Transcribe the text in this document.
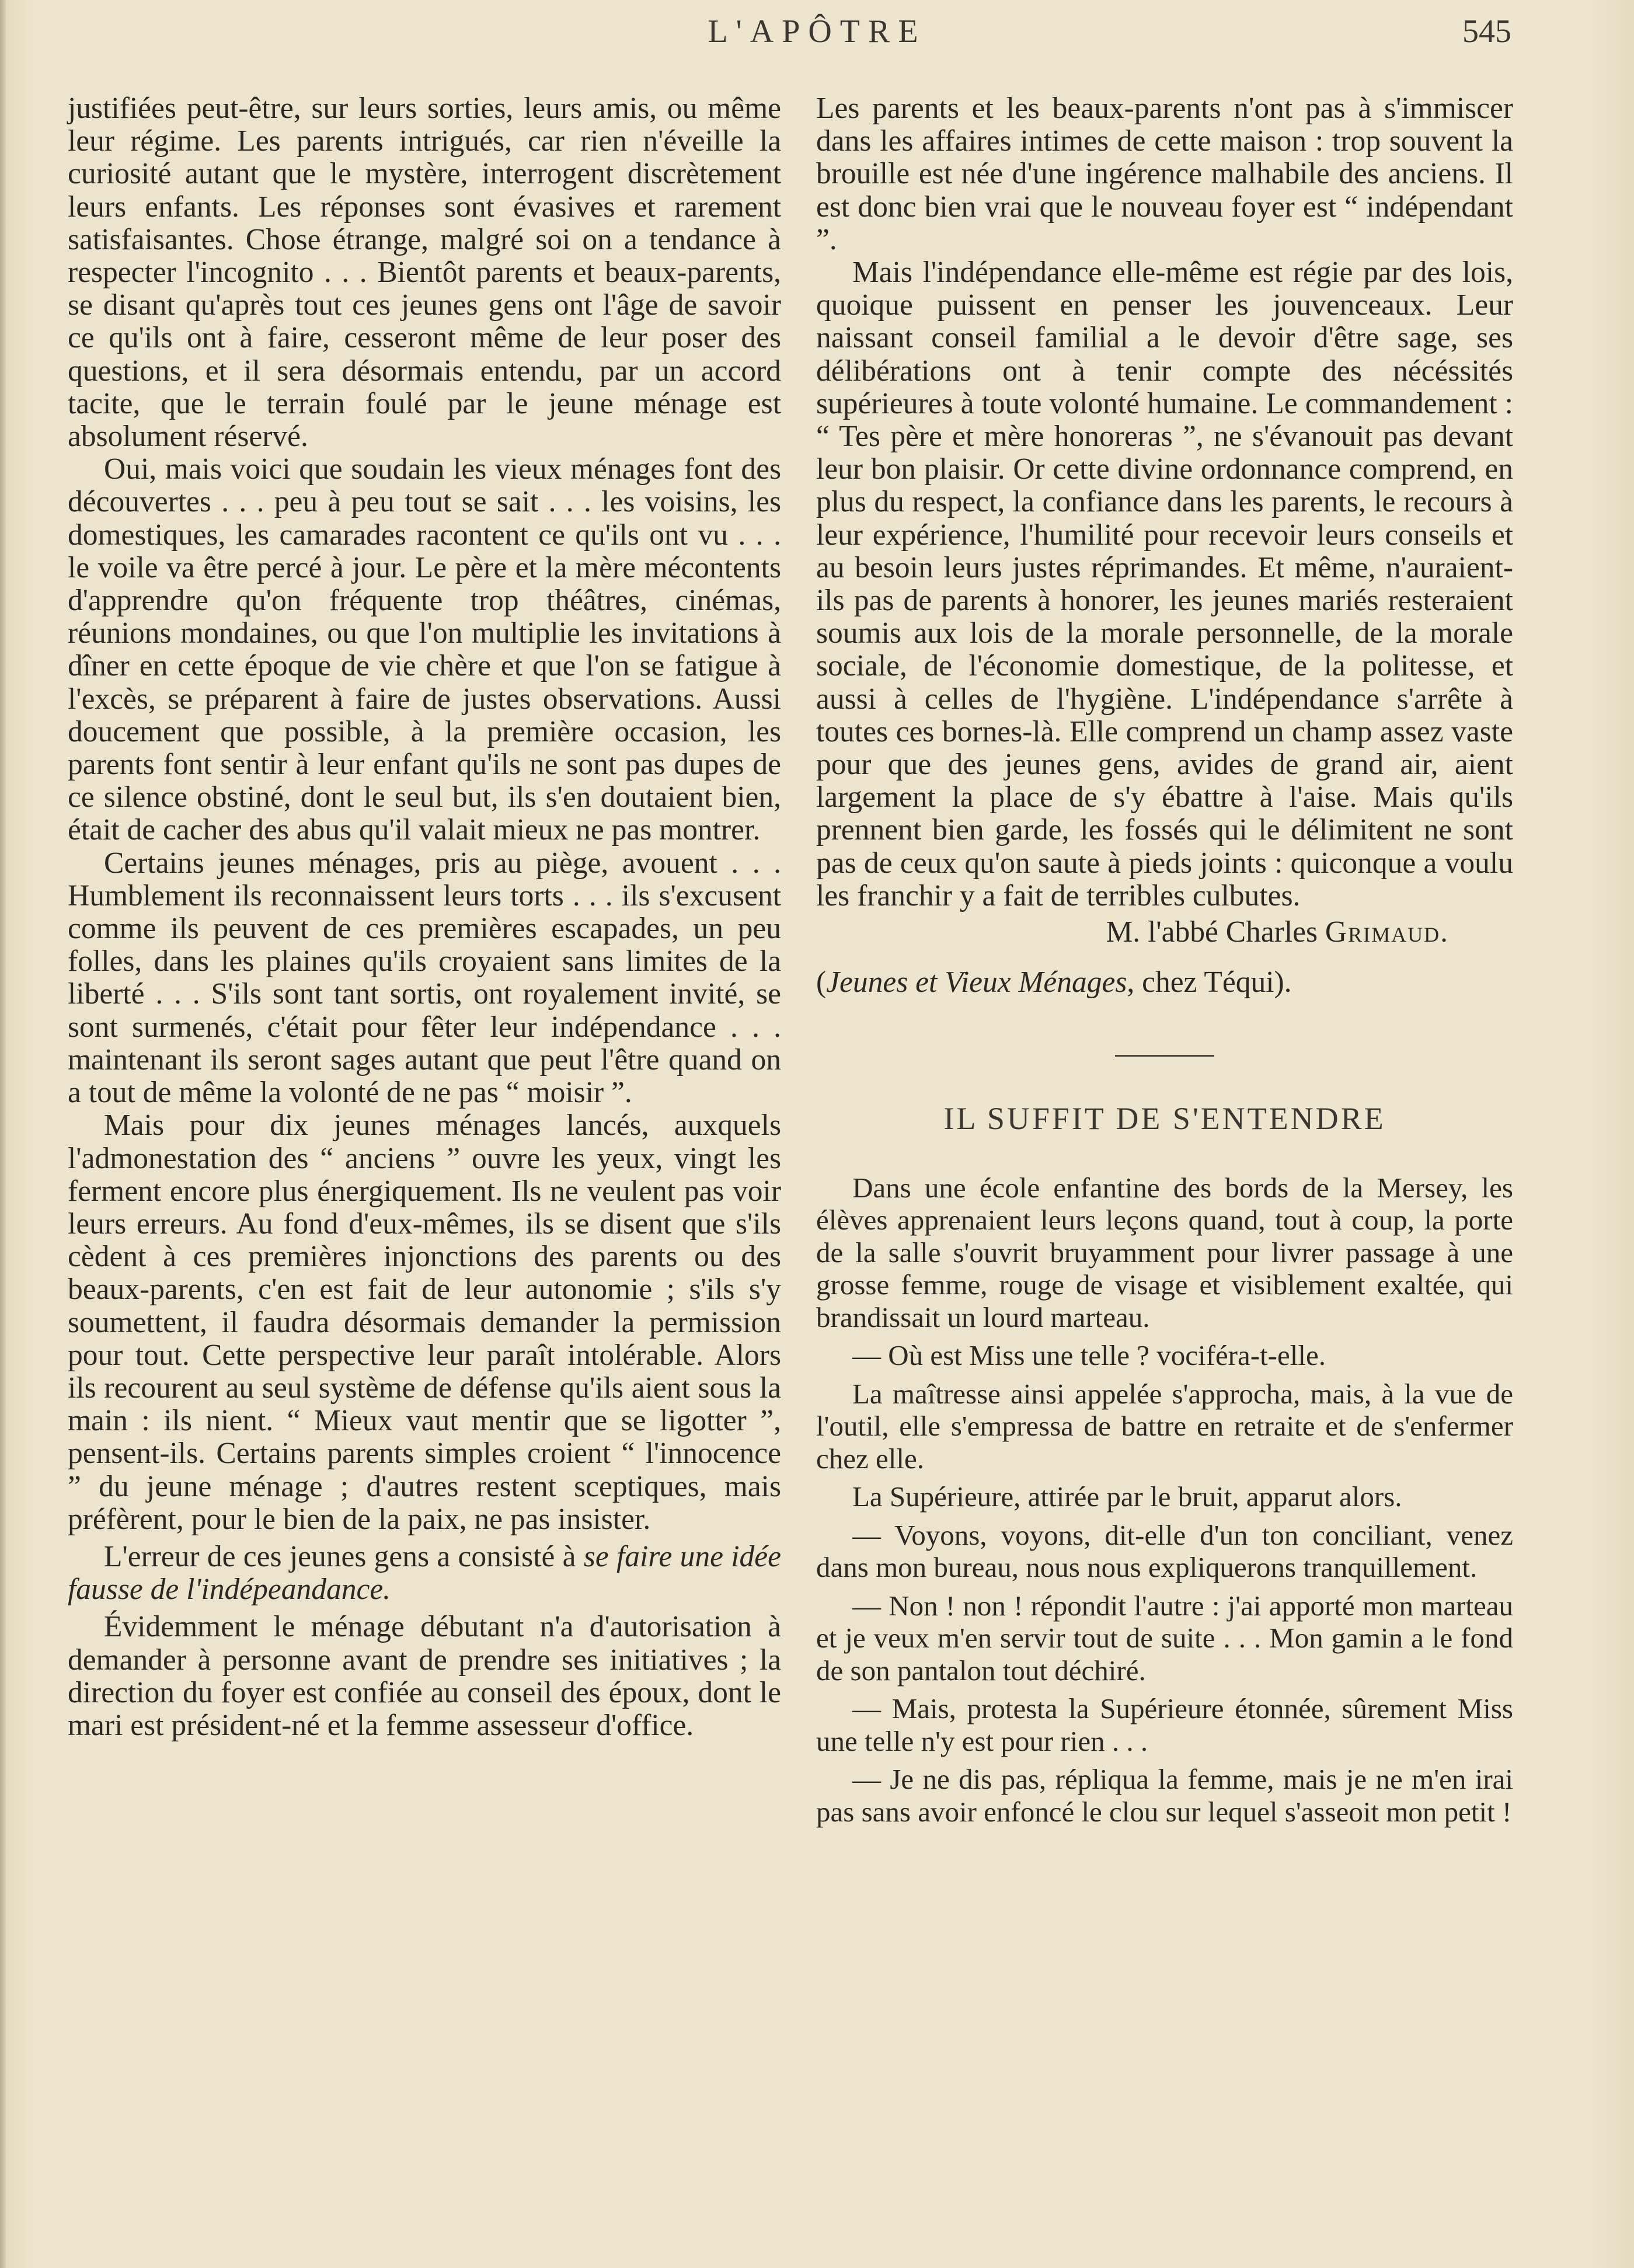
L'APÔTRE	545

justifiées peut-être, sur leurs sorties, leurs amis, ou même leur régime. Les parents intrigués, car rien n'éveille la curiosité autant que le mystère, interrogent discrètement leurs enfants. Les réponses sont évasives et rarement satisfaisantes. Chose étrange, malgré soi on a tendance à respecter l'incognito . . . Bientôt parents et beaux-parents, se disant qu'après tout ces jeunes gens ont l'âge de savoir ce qu'ils ont à faire, cesseront même de leur poser des questions, et il sera désormais entendu, par un accord tacite, que le terrain foulé par le jeune ménage est absolument réservé.

Oui, mais voici que soudain les vieux ménages font des découvertes . . . peu à peu tout se sait . . . les voisins, les domestiques, les camarades racontent ce qu'ils ont vu . . . le voile va être percé à jour. Le père et la mère mécontents d'apprendre qu'on fréquente trop théâtres, cinémas, réunions mondaines, ou que l'on multiplie les invitations à dîner en cette époque de vie chère et que l'on se fatigue à l'excès, se préparent à faire de justes observations. Aussi doucement que possible, à la première occasion, les parents font sentir à leur enfant qu'ils ne sont pas dupes de ce silence obstiné, dont le seul but, ils s'en doutaient bien, était de cacher des abus qu'il valait mieux ne pas montrer.

Certains jeunes ménages, pris au piège, avouent . . . Humblement ils reconnaissent leurs torts . . . ils s'excusent comme ils peuvent de ces premières escapades, un peu folles, dans les plaines qu'ils croyaient sans limites de la liberté . . . S'ils sont tant sortis, ont royalement invité, se sont surmenés, c'était pour fêter leur indépendance . . . maintenant ils seront sages autant que peut l'être quand on a tout de même la volonté de ne pas “ moisir ”.

Mais pour dix jeunes ménages lancés, auxquels l'admonestation des “ anciens ” ouvre les yeux, vingt les ferment encore plus énergiquement. Ils ne veulent pas voir leurs erreurs. Au fond d'eux-mêmes, ils se disent que s'ils cèdent à ces premières injonctions des parents ou des beaux-parents, c'en est fait de leur autonomie ; s'ils s'y soumettent, il faudra désormais demander la permission pour tout. Cette perspective leur paraît intolérable. Alors ils recourent au seul système de défense qu'ils aient sous la main : ils nient. “ Mieux vaut mentir que se ligotter ”, pensent-ils. Certains parents simples croient “ l'innocence ” du jeune ménage ; d'autres restent sceptiques, mais préfèrent, pour le bien de la paix, ne pas insister.

L'erreur de ces jeunes gens a consisté à se faire une idée fausse de l'indépeandance.

Évidemment le ménage débutant n'a d'autorisation à demander à personne avant de prendre ses initiatives ; la direction du foyer est confiée au conseil des époux, dont le mari est président-né et la femme assesseur d'office.

Les parents et les beaux-parents n'ont pas à s'immiscer dans les affaires intimes de cette maison : trop souvent la brouille est née d'une ingérence malhabile des anciens. Il est donc bien vrai que le nouveau foyer est “ indépendant ”.

Mais l'indépendance elle-même est régie par des lois, quoique puissent en penser les jouvenceaux. Leur naissant conseil familial a le devoir d'être sage, ses délibérations ont à tenir compte des nécéssités supérieures à toute volonté humaine. Le commandement : “ Tes père et mère honoreras ”, ne s'évanouit pas devant leur bon plaisir. Or cette divine ordonnance comprend, en plus du respect, la confiance dans les parents, le recours à leur expérience, l'humilité pour recevoir leurs conseils et au besoin leurs justes réprimandes. Et même, n'auraient-ils pas de parents à honorer, les jeunes mariés resteraient soumis aux lois de la morale personnelle, de la morale sociale, de l'économie domestique, de la politesse, et aussi à celles de l'hygiène. L'indépendance s'arrête à toutes ces bornes-là. Elle comprend un champ assez vaste pour que des jeunes gens, avides de grand air, aient largement la place de s'y ébattre à l'aise. Mais qu'ils prennent bien garde, les fossés qui le délimitent ne sont pas de ceux qu'on saute à pieds joints : quiconque a voulu les franchir y a fait de terribles culbutes.

M. l'abbé Charles Grimaud.

(Jeunes et Vieux Ménages, chez Téqui).

IL SUFFIT DE S'ENTENDRE

Dans une école enfantine des bords de la Mersey, les élèves apprenaient leurs leçons quand, tout à coup, la porte de la salle s'ouvrit bruyamment pour livrer passage à une grosse femme, rouge de visage et visiblement exaltée, qui brandissait un lourd marteau.

— Où est Miss une telle ? vociféra-t-elle.

La maîtresse ainsi appelée s'approcha, mais, à la vue de l'outil, elle s'empressa de battre en retraite et de s'enfermer chez elle.

La Supérieure, attirée par le bruit, apparut alors.

— Voyons, voyons, dit-elle d'un ton conciliant, venez dans mon bureau, nous nous expliquerons tranquillement.

— Non ! non ! répondit l'autre : j'ai apporté mon marteau et je veux m'en servir tout de suite . . . Mon gamin a le fond de son pantalon tout déchiré.

— Mais, protesta la Supérieure étonnée, sûrement Miss une telle n'y est pour rien . . .

— Je ne dis pas, répliqua la femme, mais je ne m'en irai pas sans avoir enfoncé le clou sur lequel s'asseoit mon petit !
